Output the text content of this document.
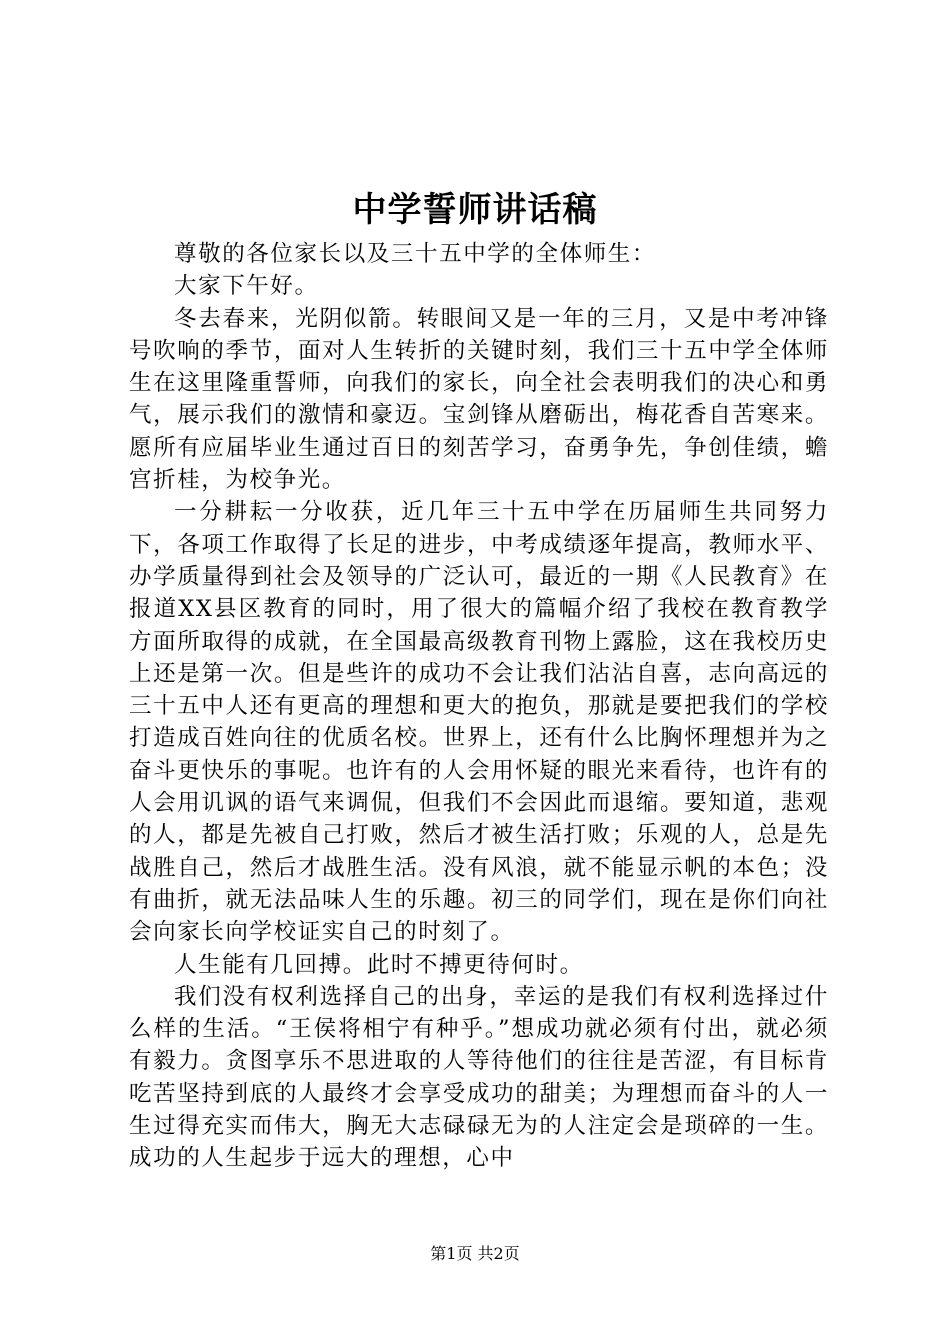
中学誓师讲话稿

尊敬的各位家长以及三十五中学的全体师生：

大家下午好。

冬去春来，光阴似箭。转眼间又是一年的三月，又是中考冲锋号吹响的季节，面对人生转折的关键时刻，我们三十五中学全体师生在这里隆重誓师，向我们的家长，向全社会表明我们的决心和勇气，展示我们的激情和豪迈。宝剑锋从磨砺出，梅花香自苦寒来。愿所有应届毕业生通过百日的刻苦学习，奋勇争先，争创佳绩，蟾宫折桂，为校争光。

一分耕耘一分收获，近几年三十五中学在历届师生共同努力下，各项工作取得了长足的进步，中考成绩逐年提高，教师水平、办学质量得到社会及领导的广泛认可，最近的一期《人民教育》在报道XX县区教育的同时，用了很大的篇幅介绍了我校在教育教学方面所取得的成就，在全国最高级教育刊物上露脸，这在我校历史上还是第一次。但是些许的成功不会让我们沾沾自喜，志向高远的三十五中人还有更高的理想和更大的抱负，那就是要把我们的学校打造成百姓向往的优质名校。世界上，还有什么比胸怀理想并为之奋斗更快乐的事呢。也许有的人会用怀疑的眼光来看待，也许有的人会用讥讽的语气来调侃，但我们不会因此而退缩。要知道，悲观的人，都是先被自己打败，然后才被生活打败；乐观的人，总是先战胜自己，然后才战胜生活。没有风浪，就不能显示帆的本色；没有曲折，就无法品味人生的乐趣。初三的同学们，现在是你们向社会向家长向学校证实自己的时刻了。

人生能有几回搏。此时不搏更待何时。

我们没有权利选择自己的出身，幸运的是我们有权利选择过什么样的生活。“王侯将相宁有种乎。”想成功就必须有付出，就必须有毅力。贪图享乐不思进取的人等待他们的往往是苦涩，有目标肯吃苦坚持到底的人最终才会享受成功的甜美；为理想而奋斗的人一生过得充实而伟大，胸无大志碌碌无为的人注定会是琐碎的一生。成功的人生起步于远大的理想，心中

第1页 共2页
